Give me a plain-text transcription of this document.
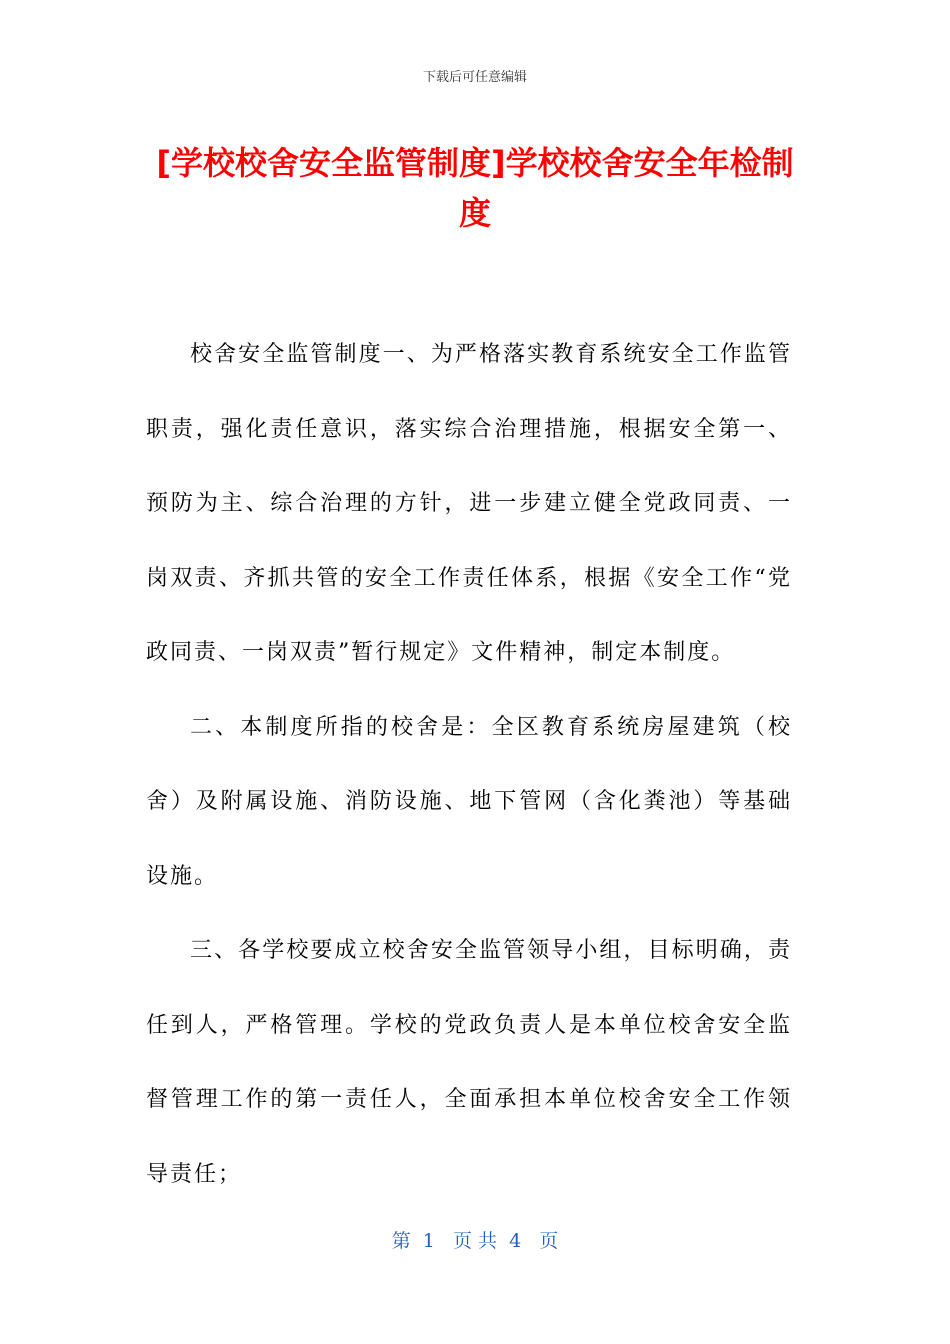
下载后可任意编辑
[学校校舍安全监管制度]学校校舍安全年检制度

校舍安全监管制度一、为严格落实教育系统安全工作监管职责，强化责任意识，落实综合治理措施，根据安全第一、预防为主、综合治理的方针，进一步建立健全党政同责、一岗双责、齐抓共管的安全工作责任体系，根据《安全工作“党政同责、一岗双责”暂行规定》文件精神，制定本制度。

二、本制度所指的校舍是：全区教育系统房屋建筑（校舍）及附属设施、消防设施、地下管网（含化粪池）等基础设施。

三、各学校要成立校舍安全监管领导小组，目标明确，责任到人，严格管理。学校的党政负责人是本单位校舍安全监督管理工作的第一责任人，全面承担本单位校舍安全工作领导责任；

第  1   页 共  4   页
